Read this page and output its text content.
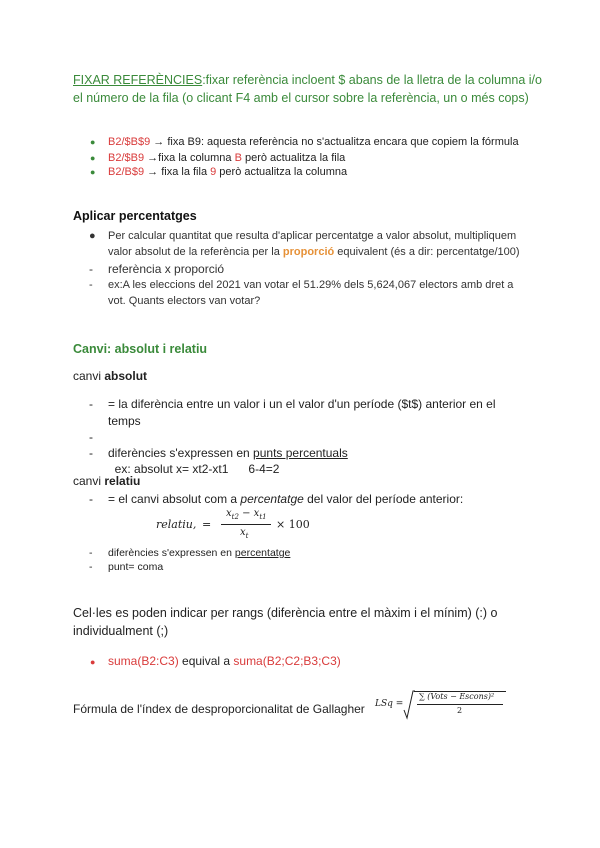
FIXAR REFERÈNCIES:fixar referència incloent $ abans de la lletra de la columna i/o el número de la fila (o clicant F4 amb el cursor sobre la referència, un o més cops)
● B2/$B$9 → fixa B9: aquesta referència no s'actualitza encara que copiem la fórmula
● B2/$B9 →fixa la columna B però actualitza la fila
● B2/B$9 → fixa la fila 9 però actualitza la columna
Aplicar percentatges
● Per calcular quantitat que resulta d'aplicar percentatge a valor absolut, multipliquem
valor absolut de la referència per la proporció equivalent (és a dir: percentatge/100)
- referència x proporció
- ex:A les eleccions del 2021 van votar el 51.29% dels 5,624,067 electors amb dret a
vot. Quants electors van votar?
Canvi: absolut i relatiu
canvi absolut
- = la diferència entre un valor i un el valor d'un període ($t$) anterior en el
temps

-

ex: absolut x= xt2-xt1      6-4=2

- diferències s'expressen en punts percentuals
canvi relatiu
- = el canvi absolut com a percentatge del valor del període anterior:
relatiu, =
$x_{t2} - x_{t1}$
$x_t$
× 100
- diferències s'expressen en percentatge
- punt= coma
Cel·les es poden indicar per rangs (diferència entre el màxim i el mínim) (:) o
individualment (;)
● suma(B2:C3) equival a suma(B2;C2;B3;C3)
Fórmula de l'índex de desproporcionalitat de Gallagher LSq =
∑ (Vots − Escons)²
2
